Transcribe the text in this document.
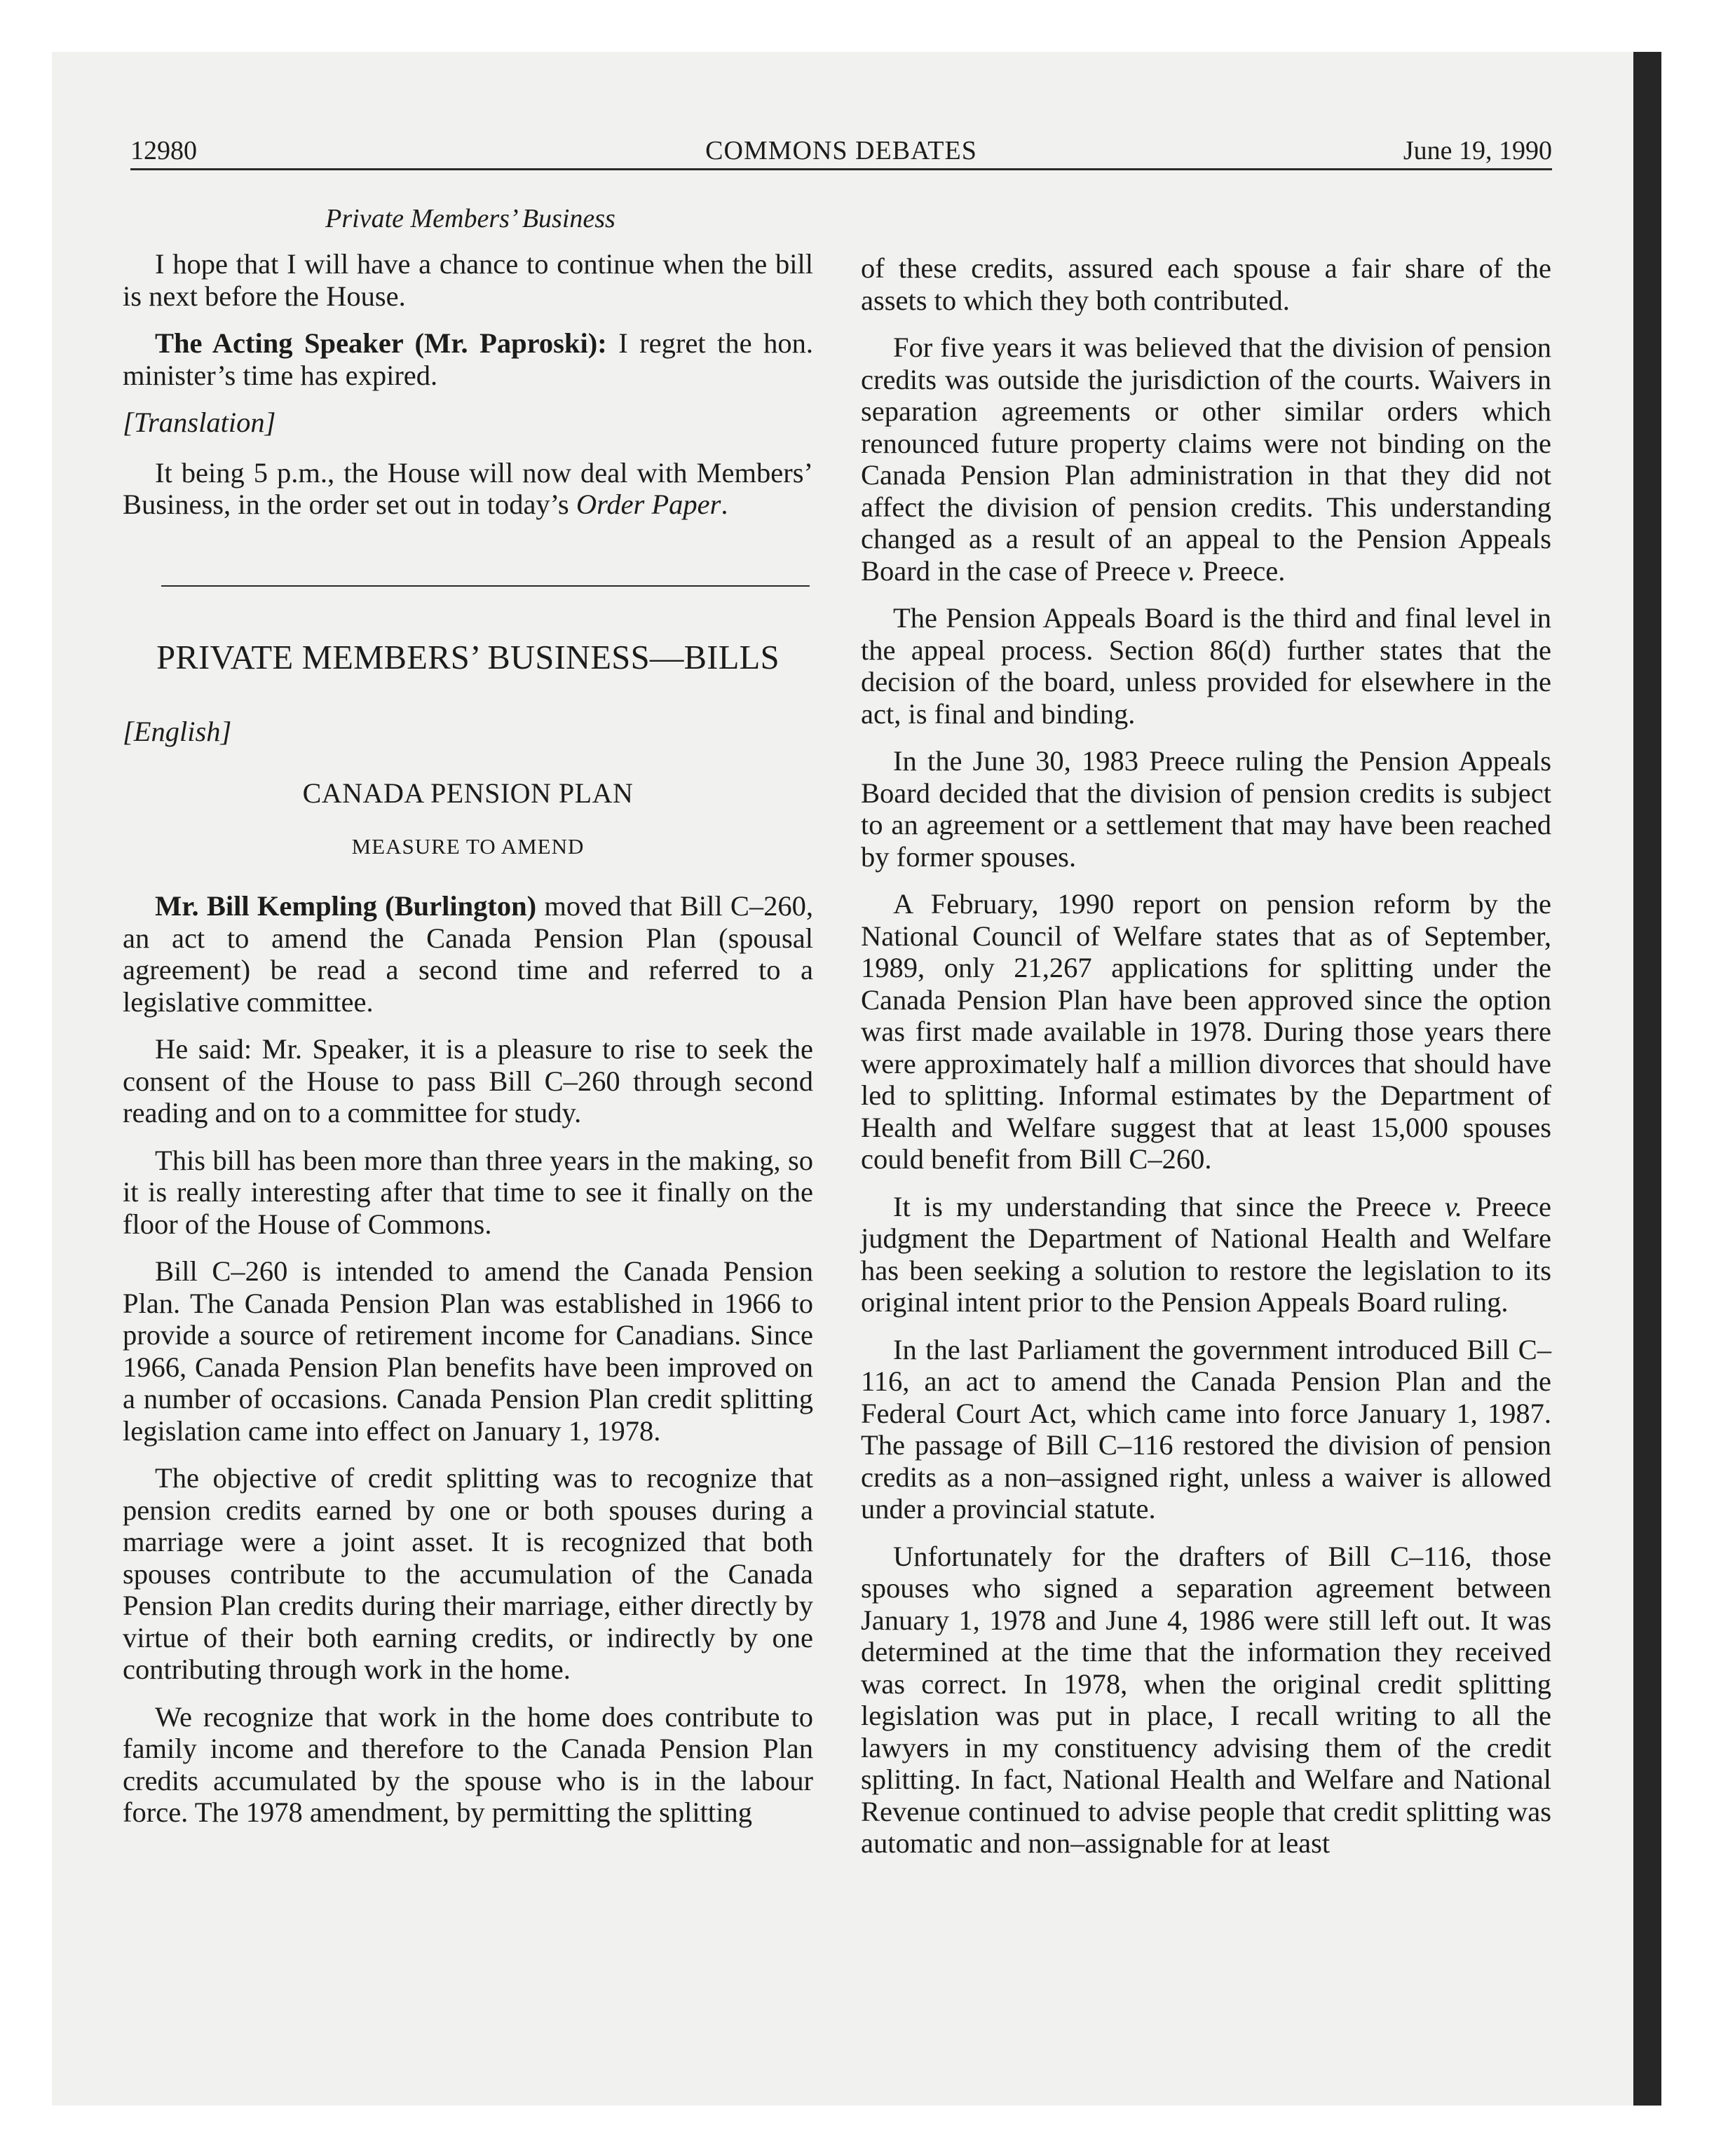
12980	COMMONS DEBATES	June 19, 1990
Private Members’ Business

I hope that I will have a chance to continue when the bill is next before the House.

The Acting Speaker (Mr. Paproski): I regret the hon. minister’s time has expired.

[Translation]

It being 5 p.m., the House will now deal with Members’ Business, in the order set out in today’s Order Paper.

PRIVATE MEMBERS’ BUSINESS—BILLS

[English]

CANADA PENSION PLAN
MEASURE TO AMEND

Mr. Bill Kempling (Burlington) moved that Bill C–260, an act to amend the Canada Pension Plan (spousal agreement) be read a second time and referred to a legislative committee.

He said: Mr. Speaker, it is a pleasure to rise to seek the consent of the House to pass Bill C–260 through second reading and on to a committee for study.

This bill has been more than three years in the making, so it is really interesting after that time to see it finally on the floor of the House of Commons.

Bill C–260 is intended to amend the Canada Pension Plan. The Canada Pension Plan was established in 1966 to provide a source of retirement income for Canadians. Since 1966, Canada Pension Plan benefits have been improved on a number of occasions. Canada Pension Plan credit splitting legislation came into effect on January 1, 1978.

The objective of credit splitting was to recognize that pension credits earned by one or both spouses during a marriage were a joint asset. It is recognized that both spouses contribute to the accumulation of the Canada Pension Plan credits during their marriage, either directly by virtue of their both earning credits, or indirectly by one contributing through work in the home.

We recognize that work in the home does contribute to family income and therefore to the Canada Pension Plan credits accumulated by the spouse who is in the labour force. The 1978 amendment, by permitting the splitting

of these credits, assured each spouse a fair share of the assets to which they both contributed.

For five years it was believed that the division of pension credits was outside the jurisdiction of the courts. Waivers in separation agreements or other similar orders which renounced future property claims were not binding on the Canada Pension Plan administration in that they did not affect the division of pension credits. This understanding changed as a result of an appeal to the Pension Appeals Board in the case of Preece v. Preece.

The Pension Appeals Board is the third and final level in the appeal process. Section 86(d) further states that the decision of the board, unless provided for elsewhere in the act, is final and binding.

In the June 30, 1983 Preece ruling the Pension Appeals Board decided that the division of pension credits is subject to an agreement or a settlement that may have been reached by former spouses.

A February, 1990 report on pension reform by the National Council of Welfare states that as of September, 1989, only 21,267 applications for splitting under the Canada Pension Plan have been approved since the option was first made available in 1978. During those years there were approximately half a million divorces that should have led to splitting. Informal estimates by the Department of Health and Welfare suggest that at least 15,000 spouses could benefit from Bill C–260.

It is my understanding that since the Preece v. Preece judgment the Department of National Health and Welfare has been seeking a solution to restore the legislation to its original intent prior to the Pension Appeals Board ruling.

In the last Parliament the government introduced Bill C–116, an act to amend the Canada Pension Plan and the Federal Court Act, which came into force January 1, 1987. The passage of Bill C–116 restored the division of pension credits as a non–assigned right, unless a waiver is allowed under a provincial statute.

Unfortunately for the drafters of Bill C–116, those spouses who signed a separation agreement between January 1, 1978 and June 4, 1986 were still left out. It was determined at the time that the information they received was correct. In 1978, when the original credit splitting legislation was put in place, I recall writing to all the lawyers in my constituency advising them of the credit splitting. In fact, National Health and Welfare and National Revenue continued to advise people that credit splitting was automatic and non–assignable for at least
